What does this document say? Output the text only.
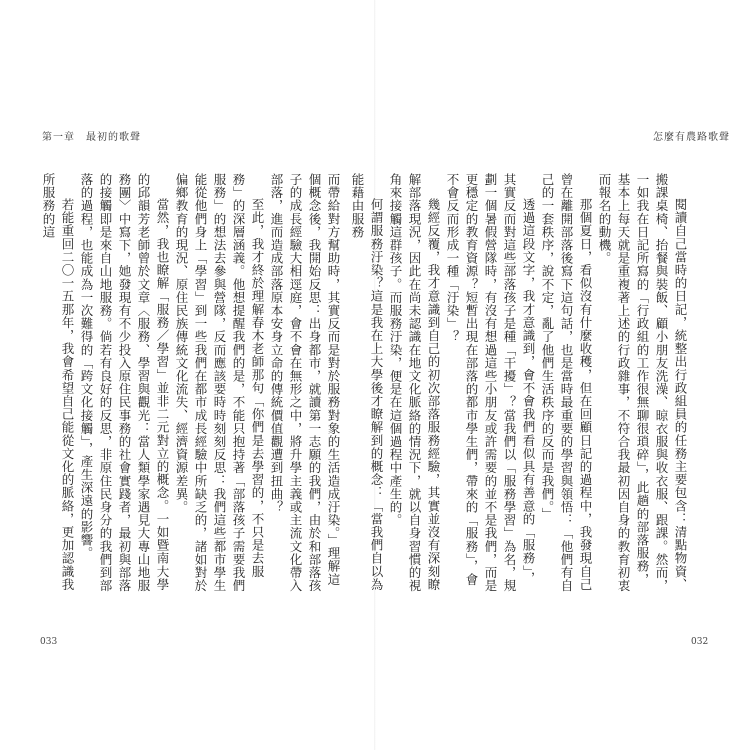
第一章　最初的歌聲	怎麼有農路歌聲

閱讀自己當時的日記，統整出行政組員的任務主要包含：清點物資、搬課桌椅、抬餐與裝飯、顧小朋友洗澡、晾衣服與收衣服、跟課。然而，一如我在日記所寫的「行政組的工作很無聊很瑣碎」，此趟的部落服務，基本上每天就是重複著上述的行政雜事，不符合我最初因自身的教育初衷而報名的動機。

那個夏日，看似沒有什麼收穫，但在回顧日記的過程中，我發現自己曾在離開部落後寫下這句話，也是當時最重要的學習與領悟：「他們有自己的一套秩序，說不定，亂了他們生活秩序的反而是我們。」

透過這段文字，我才意識到，會不會我們看似具有善意的「服務」，其實反而對這些部落孩子是種「干擾」？當我們以「服務學習」為名，規劃一個暑假營隊時，有沒有想過這些小朋友或許需要的並不是我們，而是更穩定的教育資源？短暫出現在部落的都市學生們，帶來的「服務」，會不會反而形成一種「汙染」？

幾經反覆，我才意識到自己的初次部落服務經驗，其實並沒有深刻瞭解部落現況，因此在尚未認識在地文化脈絡的情況下，就以自身習慣的視角來接觸這群孩子。而服務汙染，便是在這個過程中產生的。

何謂服務汙染？這是我在上大學後才瞭解到的概念：「當我們自以為能藉由服務

而帶給對方幫助時，其實反而是對於服務對象的生活造成汙染。」理解這個概念後，我開始反思：出身都市，就讀第一志願的我們，由於和部落孩子的成長經驗大相逕庭，會不會在無形之中，將升學主義或主流文化帶入部落，進而造成部落原本安身立命的傳統價值觀遭到扭曲？

至此，我才終於理解春木老師那句「你們是去學習的，不只是去服務」的深層涵義。他想提醒我們的是，不能只抱持著「部落孩子需要我們服務」的想法去參與營隊，反而應該要時時刻刻反思：我們這些都市學生能從他們身上「學習」到一些我們在都市成長經驗中所缺乏的，諸如對於偏鄉教育的現況、原住民族傳統文化流失、經濟資源差異。

當然，我也瞭解「服務／學習」並非二元對立的概念。一如暨南大學的邱韻芳老師曾於文章〈服務、學習與觀光：當人類學家遇見大專山地服務團〉中寫下，她發現有不少投入原住民事務的社會實踐者，最初與部落的接觸即是來自山地服務。倘若有良好的反思，非原住民身分的我們到部落的過程，也能成為一次難得的「跨文化接觸」，產生深遠的影響。

若能重回二〇一五那年，我會希望自己能從文化的脈絡，更加認識我所服務的這

033	032
